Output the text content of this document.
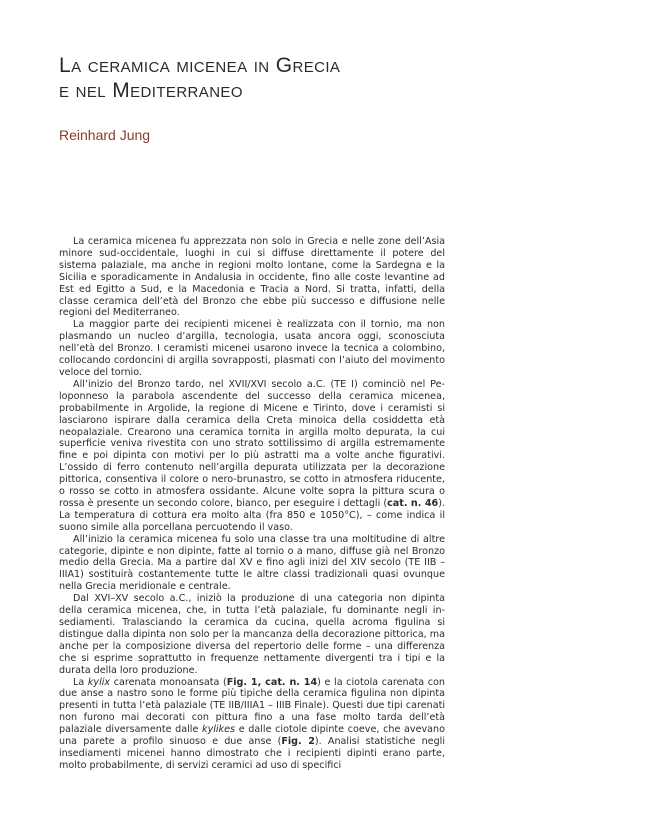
La ceramica micenea in Grecia
e nel Mediterraneo
Reinhard Jung

La ceramica micenea fu apprezzata non solo in Grecia e nelle zone dell’Asia minore sud-occidentale, luoghi in cui si diffuse direttamente il potere del sistema palaziale, ma anche in regioni molto lontane, come la Sardegna e la Sicilia e sporadicamente in Andalusia in occidente, fino alle coste levantine ad Est ed Egitto a Sud, e la Macedonia e Tracia a Nord. Si tratta, infatti, della classe ceramica dell’età del Bronzo che ebbe più successo e diffusione nelle regioni del Mediterraneo.

La maggior parte dei recipienti micenei è realizzata con il tornio, ma non plasmando un nucleo d’argilla, tecnologia, usata ancora oggi, sconosciuta nell’età del Bronzo. I ceramisti micenei usarono invece la tecnica a colombino, collocando cordoncini di argilla sovrapposti, plasmati con l’aiuto del movimento veloce del tornio.

All’inizio del Bronzo tardo, nel XVII/XVI secolo a.C. (TE I) cominciò nel Peloponneso la parabola ascendente del successo della ceramica micenea, probabilmente in Argolide, la regione di Micene e Tirinto, dove i ceramisti si lasciarono ispirare dalla ceramica della Creta minoica della cosiddetta età neopalaziale. Crearono una ceramica tornita in argilla molto depurata, la cui superficie veniva rivestita con uno strato sottilissimo di argilla estremamente fine e poi dipinta con motivi per lo più astratti ma a volte anche figurativi. L’ossido di ferro contenuto nell’argilla depurata utilizzata per la decorazione pittorica, consentiva il colore o nero-brunastro, se cotto in atmosfera riducente, o rosso se cotto in atmosfera ossidante. Alcune volte sopra la pittura scura o rossa è presente un secondo colore, bianco, per eseguire i dettagli (cat. n. 46). La temperatura di cottura era molto alta (fra 850 e 1050°C), – come indica il suono simile alla porcellana percuotendo il vaso.

All’inizio la ceramica micenea fu solo una classe tra una moltitudine di altre categorie, dipinte e non dipinte, fatte al tornio o a mano, diffuse già nel Bronzo medio della Grecia. Ma a partire dal XV e fino agli inizi del XIV secolo (TE IIB – IIIA1) sostituirà costantemente tutte le altre classi tradizionali quasi ovunque nella Grecia meridionale e centrale.

Dal XVI–XV secolo a.C., iniziò la produzione di una categoria non dipinta della ceramica micenea, che, in tutta l’età palaziale, fu dominante negli insediamenti. Tralasciando la ceramica da cucina, quella acroma figulina si distingue dalla dipinta non solo per la mancanza della decorazione pittorica, ma anche per la composizione diversa del repertorio delle forme – una differenza che si esprime soprattutto in frequenze nettamente divergenti tra i tipi e la durata della loro produzione.

La kylix carenata monoansata (Fig. 1, cat. n. 14) e la ciotola carenata con due anse a nastro sono le forme più tipiche della ceramica figulina non dipinta presenti in tutta l’età palaziale (TE IIB/IIIA1 – IIIB Finale). Questi due tipi carenati non furono mai decorati con pittura fino a una fase molto tarda dell’età palaziale diversamente dalle kylikes e dalle ciotole dipinte coeve, che avevano una parete a profilo sinuoso e due anse (Fig. 2). Analisi statistiche negli insediamenti micenei hanno dimostrato che i recipienti dipinti erano parte, molto probabilmente, di servizi ceramici ad uso di specifici
